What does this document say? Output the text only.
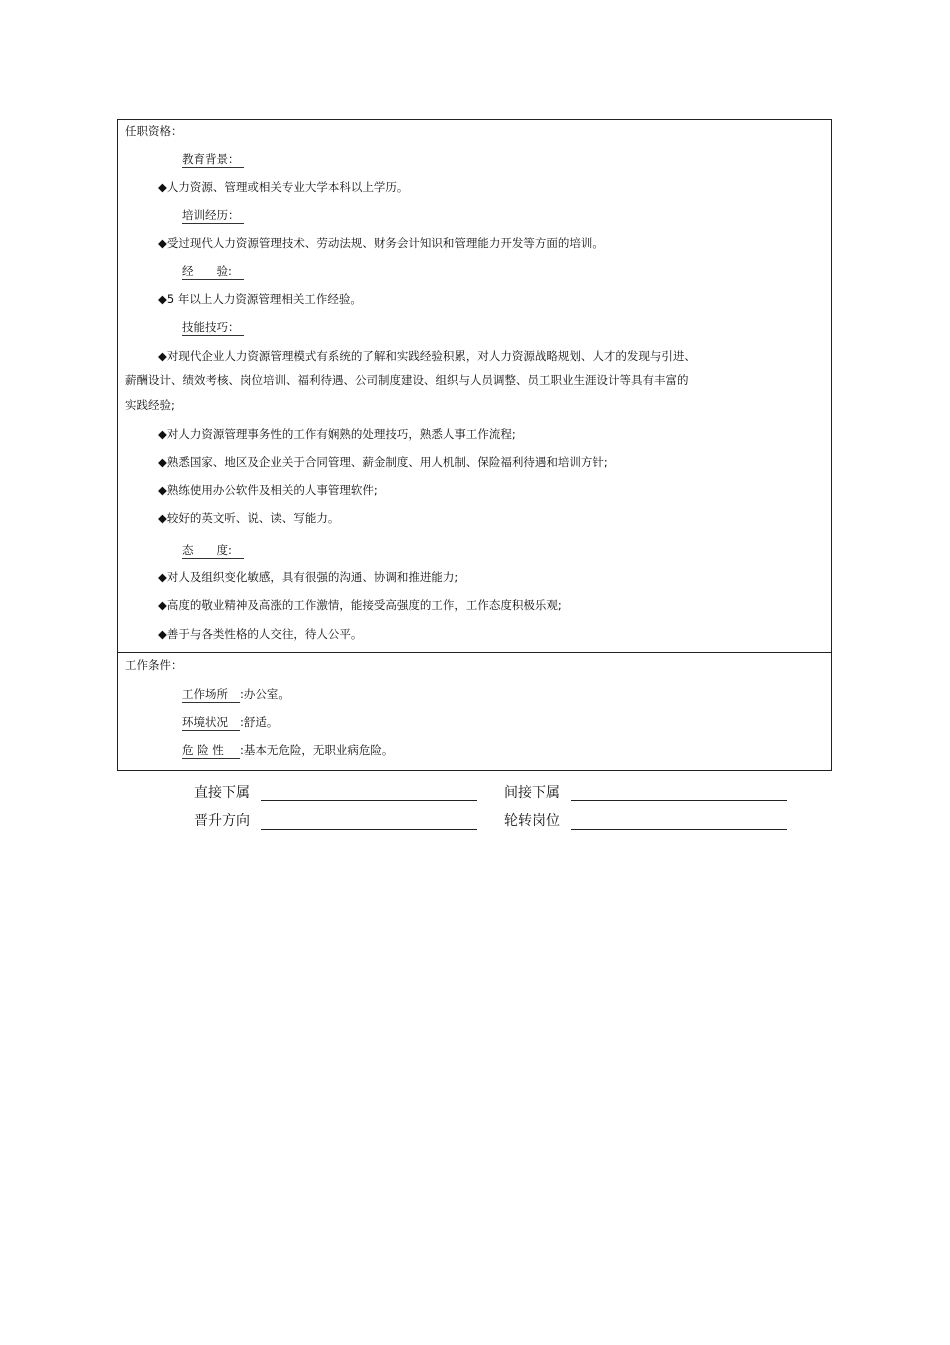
任职资格：
教育背景：
◆人力资源、管理或相关专业大学本科以上学历。
培训经历：
◆受过现代人力资源管理技术、劳动法规、财务会计知识和管理能力开发等方面的培训。
经　　验:
◆5 年以上人力资源管理相关工作经验。
技能技巧：
◆对现代企业人力资源管理模式有系统的了解和实践经验积累，对人力资源战略规划、人才的发现与引进、
薪酬设计、绩效考核、岗位培训、福利待遇、公司制度建设、组织与人员调整、员工职业生涯设计等具有丰富的
实践经验;
◆对人力资源管理事务性的工作有娴熟的处理技巧，熟悉人事工作流程;
◆熟悉国家、地区及企业关于合同管理、薪金制度、用人机制、保险福利待遇和培训方针;
◆熟练使用办公软件及相关的人事管理软件;
◆较好的英文听、说、读、写能力。
态　　度:
◆对人及组织变化敏感，具有很强的沟通、协调和推进能力;
◆高度的敬业精神及高涨的工作激情，能接受高强度的工作，工作态度积极乐观;
◆善于与各类性格的人交往，待人公平。
工作条件：
工作场所 :办公室。
环境状况 :舒适。
危 险 性 :基本无危险，无职业病危险。
直接下属	间接下属
晋升方向	轮转岗位
